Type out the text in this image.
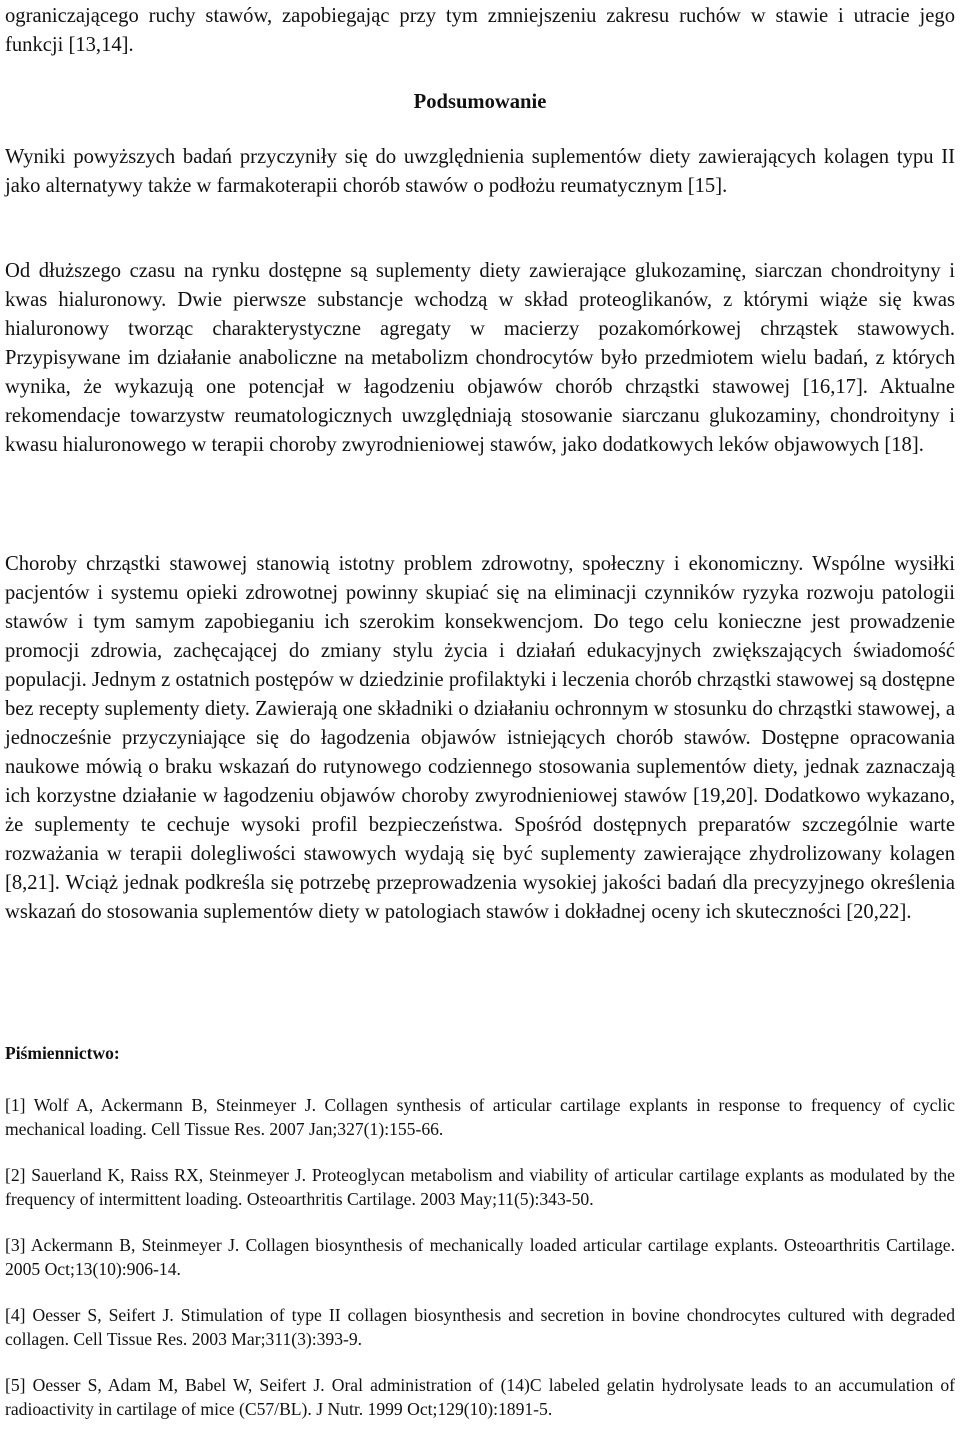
ograniczającego ruchy stawów, zapobiegając przy tym zmniejszeniu zakresu ruchów w stawie i utracie jego funkcji [13,14].

Podsumowanie

Wyniki powyższych badań przyczyniły się do uwzględnienia suplementów diety zawierających kolagen typu II jako alternatywy także w farmakoterapii chorób stawów o podłożu reumatycznym [15].

Od dłuższego czasu na rynku dostępne są suplementy diety zawierające glukozaminę, siarczan chondroityny i kwas hialuronowy. Dwie pierwsze substancje wchodzą w skład proteoglikanów, z którymi wiąże się kwas hialuronowy tworząc charakterystyczne agregaty w macierzy pozakomórkowej chrząstek stawowych. Przypisywane im działanie anaboliczne na metabolizm chondrocytów było przedmiotem wielu badań, z których wynika, że wykazują one potencjał w łagodzeniu objawów chorób chrząstki stawowej [16,17]. Aktualne rekomendacje towarzystw reumatologicznych uwzględniają stosowanie siarczanu glukozaminy, chondroityny i kwasu hialuronowego w terapii choroby zwyrodnieniowej stawów, jako dodatkowych leków objawowych [18].

Choroby chrząstki stawowej stanowią istotny problem zdrowotny, społeczny i ekonomiczny. Wspólne wysiłki pacjentów i systemu opieki zdrowotnej powinny skupiać się na eliminacji czynników ryzyka rozwoju patologii stawów i tym samym zapobieganiu ich szerokim konsekwencjom. Do tego celu konieczne jest prowadzenie promocji zdrowia, zachęcającej do zmiany stylu życia i działań edukacyjnych zwiększających świadomość populacji. Jednym z ostatnich postępów w dziedzinie profilaktyki i leczenia chorób chrząstki stawowej są dostępne bez recepty suplementy diety. Zawierają one składniki o działaniu ochronnym w stosunku do chrząstki stawowej, a jednocześnie przyczyniające się do łagodzenia objawów istniejących chorób stawów. Dostępne opracowania naukowe mówią o braku wskazań do rutynowego codziennego stosowania suplementów diety, jednak zaznaczają ich korzystne działanie w łagodzeniu objawów choroby zwyrodnieniowej stawów [19,20]. Dodatkowo wykazano, że suplementy te cechuje wysoki profil bezpieczeństwa. Spośród dostępnych preparatów szczególnie warte rozważania w terapii dolegliwości stawowych wydają się być suplementy zawierające zhydrolizowany kolagen [8,21]. Wciąż jednak podkreśla się potrzebę przeprowadzenia wysokiej jakości badań dla precyzyjnego określenia wskazań do stosowania suplementów diety w patologiach stawów i dokładnej oceny ich skuteczności [20,22].

Piśmiennictwo:
[1] Wolf A, Ackermann B, Steinmeyer J. Collagen synthesis of articular cartilage explants in response to frequency of cyclic mechanical loading. Cell Tissue Res. 2007 Jan;327(1):155-66.
[2] Sauerland K, Raiss RX, Steinmeyer J. Proteoglycan metabolism and viability of articular cartilage explants as modulated by the frequency of intermittent loading. Osteoarthritis Cartilage. 2003 May;11(5):343-50.
[3] Ackermann B, Steinmeyer J. Collagen biosynthesis of mechanically loaded articular cartilage explants. Osteoarthritis Cartilage. 2005 Oct;13(10):906-14.
[4] Oesser S, Seifert J. Stimulation of type II collagen biosynthesis and secretion in bovine chondrocytes cultured with degraded collagen. Cell Tissue Res. 2003 Mar;311(3):393-9.
[5] Oesser S, Adam M, Babel W, Seifert J. Oral administration of (14)C labeled gelatin hydrolysate leads to an accumulation of radioactivity in cartilage of mice (C57/BL). J Nutr. 1999 Oct;129(10):1891-5.
